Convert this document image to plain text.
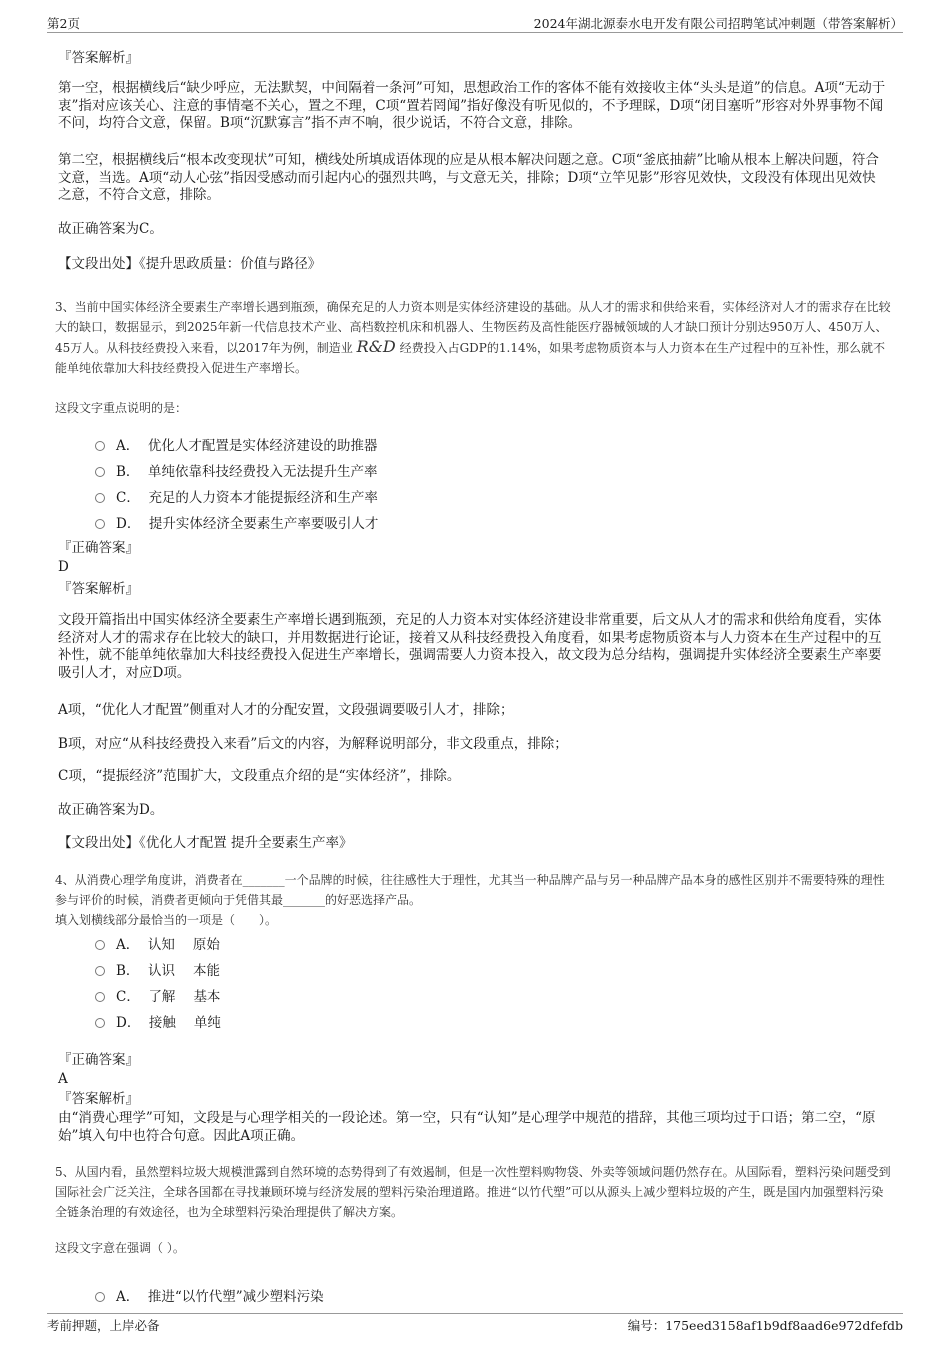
第2页	2024年湖北源泰水电开发有限公司招聘笔试冲刺题（带答案解析）
『答案解析』

第一空，根据横线后“缺少呼应，无法默契，中间隔着一条河”可知，思想政治工作的客体不能有效接收主体“头头是道”的信息。A项“无动于衷”指对应该关心、注意的事情毫不关心，置之不理，C项“置若罔闻”指好像没有听见似的，不予理睬，D项“闭目塞听”形容对外界事物不闻不问，均符合文意，保留。B项“沉默寡言”指不声不响，很少说话，不符合文意，排除。

第二空，根据横线后“根本改变现状”可知，横线处所填成语体现的应是从根本解决问题之意。C项“釜底抽薪”比喻从根本上解决问题，符合文意，当选。A项“动人心弦”指因受感动而引起内心的强烈共鸣，与文意无关，排除；D项“立竿见影”形容见效快，文段没有体现出见效快之意，不符合文意，排除。

故正确答案为C。

【文段出处】《提升思政质量：价值与路径》

3、当前中国实体经济全要素生产率增长遇到瓶颈，确保充足的人力资本则是实体经济建设的基础。从人才的需求和供给来看，实体经济对人才的需求存在比较大的缺口，数据显示，到2025年新一代信息技术产业、高档数控机床和机器人、生物医药及高性能医疗器械领域的人才缺口预计分别达950万人、450万人、45万人。从科技经费投入来看，以2017年为例，制造业 R&D 经费投入占GDP的1.14%，如果考虑物质资本与人力资本在生产过程中的互补性，那么就不能单纯依靠加大科技经费投入促进生产率增长。

这段文字重点说明的是：

A． 优化人才配置是实体经济建设的助推器
B． 单纯依靠科技经费投入无法提升生产率
C． 充足的人力资本才能提振经济和生产率
D． 提升实体经济全要素生产率要吸引人才
『正确答案』
D
『答案解析』

文段开篇指出中国实体经济全要素生产率增长遇到瓶颈，充足的人力资本对实体经济建设非常重要，后文从人才的需求和供给角度看，实体经济对人才的需求存在比较大的缺口，并用数据进行论证，接着又从科技经费投入角度看，如果考虑物质资本与人力资本在生产过程中的互补性，就不能单纯依靠加大科技经费投入促进生产率增长，强调需要人力资本投入，故文段为总分结构，强调提升实体经济全要素生产率要吸引人才，对应D项。

A项，“优化人才配置”侧重对人才的分配安置，文段强调要吸引人才，排除；

B项，对应“从科技经费投入来看”后文的内容，为解释说明部分，非文段重点，排除；

C项，“提振经济”范围扩大，文段重点介绍的是“实体经济”，排除。

故正确答案为D。

【文段出处】《优化人才配置 提升全要素生产率》

4、从消费心理学角度讲，消费者在_______一个品牌的时候，往往感性大于理性，尤其当一种品牌产品与另一种品牌产品本身的感性区别并不需要特殊的理性参与评价的时候，消费者更倾向于凭借其最_______的好恶选择产品。

填入划横线部分最恰当的一项是（　　）。

A． 认知 原始
B． 认识 本能
C． 了解 基本
D． 接触 单纯
『正确答案』
A
『答案解析』

由“消费心理学”可知，文段是与心理学相关的一段论述。第一空，只有“认知”是心理学中规范的措辞，其他三项均过于口语；第二空，“原始”填入句中也符合句意。因此A项正确。

5、从国内看，虽然塑料垃圾大规模泄露到自然环境的态势得到了有效遏制，但是一次性塑料购物袋、外卖等领域问题仍然存在。从国际看，塑料污染问题受到国际社会广泛关注，全球各国都在寻找兼顾环境与经济发展的塑料污染治理道路。推进“以竹代塑”可以从源头上减少塑料垃圾的产生，既是国内加强塑料污染全链条治理的有效途径，也为全球塑料污染治理提供了解决方案。

这段文字意在强调（ ）。

A． 推进“以竹代塑”减少塑料污染
考前押题，上岸必备	编号：175eed3158af1b9df8aad6e972dfefdb
